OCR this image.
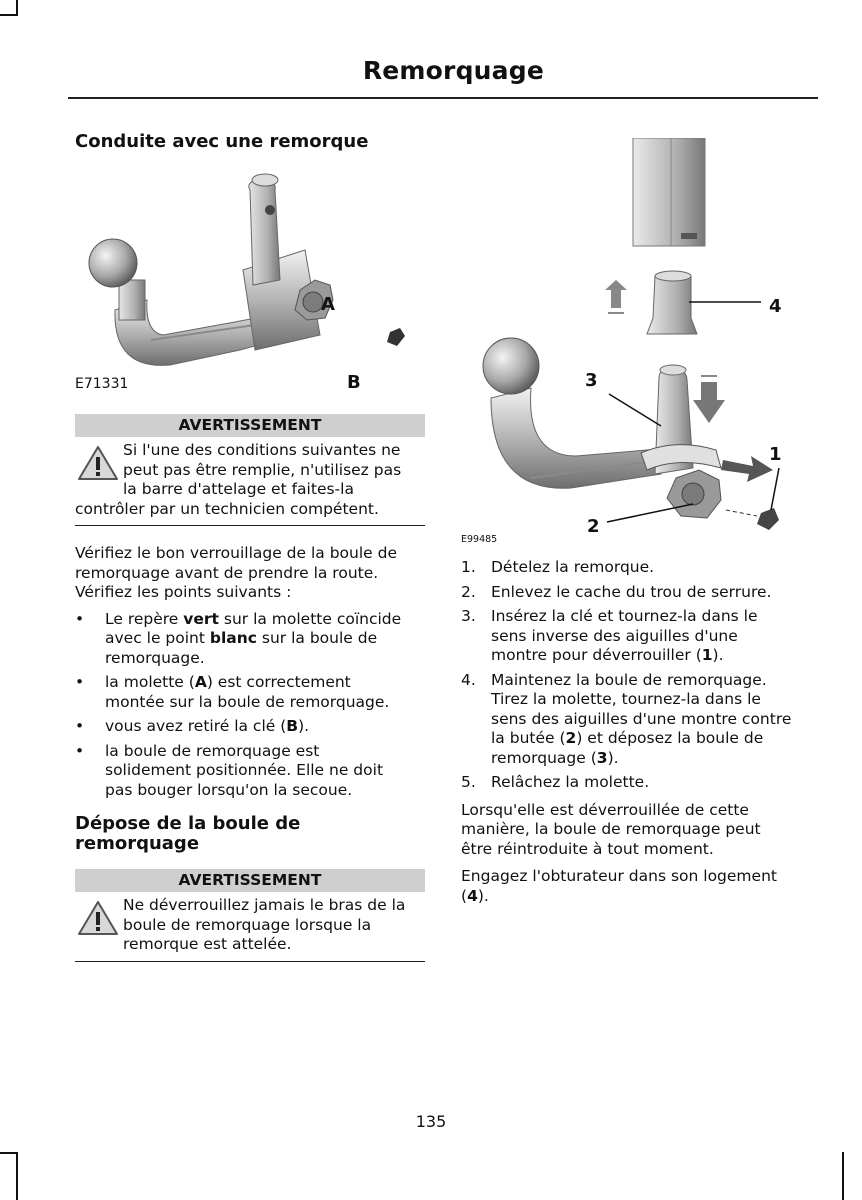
Remorquage
Conduite avec une remorque
A
B
E71331
AVERTISSEMENT
Si l'une des conditions suivantes ne
peut pas être remplie, n'utilisez pas
la barre d'attelage et faites-la
contrôler par un technicien compétent.
Vérifiez le bon verrouillage de la boule de
remorquage avant de prendre la route.
Vérifiez les points suivants :
• Le repère vert sur la molette coïncide
avec le point blanc sur la boule de
remorquage.
• la molette (A) est correctement
montée sur la boule de remorquage.
• vous avez retiré la clé (B).
• la boule de remorquage est
solidement positionnée. Elle ne doit
pas bouger lorsqu'on la secoue.
Dépose de la boule de
remorquage
AVERTISSEMENT
Ne déverrouillez jamais le bras de la
boule de remorquage lorsque la
remorque est attelée.
4
1
3
2
E99485
1. Dételez la remorque.
2. Enlevez le cache du trou de serrure.
3. Insérez la clé et tournez-la dans le
sens inverse des aiguilles d'une
montre pour déverrouiller (1).
4. Maintenez la boule de remorquage.
Tirez la molette, tournez-la dans le
sens des aiguilles d'une montre contre
la butée (2) et déposez la boule de
remorquage (3).
5. Relâchez la molette.
Lorsqu'elle est déverrouillée de cette
manière, la boule de remorquage peut
être réintroduite à tout moment.
Engagez l'obturateur dans son logement
(4).
135
